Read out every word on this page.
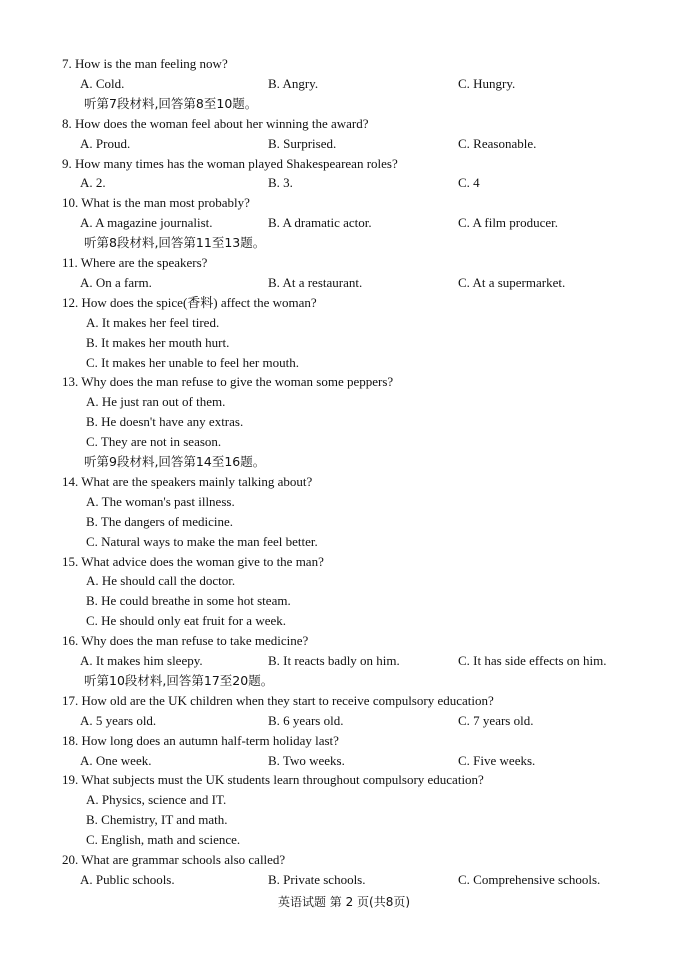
英语试题 第 2 页(共8页)
7. How is the man feeling now?
A. Cold.	B. Angry.	C. Hungry.
听第7段材料,回答第8至10题。
8. How does the woman feel about her winning the award?
A. Proud.	B. Surprised.	C. Reasonable.
9. How many times has the woman played Shakespearean roles?
A. 2.	B. 3.	C. 4
10. What is the man most probably?
A. A magazine journalist.	B. A dramatic actor.	C. A film producer.
听第8段材料,回答第11至13题。
11. Where are the speakers?
A. On a farm.	B. At a restaurant.	C. At a supermarket.
12. How does the spice(香料) affect the woman?
A. It makes her feel tired.
B. It makes her mouth hurt.
C. It makes her unable to feel her mouth.
13. Why does the man refuse to give the woman some peppers?
A. He just ran out of them.
B. He doesn't have any extras.
C. They are not in season.
听第9段材料,回答第14至16题。
14. What are the speakers mainly talking about?
A. The woman's past illness.
B. The dangers of medicine.
C. Natural ways to make the man feel better.
15. What advice does the woman give to the man?
A. He should call the doctor.
B. He could breathe in some hot steam.
C. He should only eat fruit for a week.
16. Why does the man refuse to take medicine?
A. It makes him sleepy.	B. It reacts badly on him.	C. It has side effects on him.
听第10段材料,回答第17至20题。
17. How old are the UK children when they start to receive compulsory education?
A. 5 years old.	B. 6 years old.	C. 7 years old.
18. How long does an autumn half-term holiday last?
A. One week.	B. Two weeks.	C. Five weeks.
19. What subjects must the UK students learn throughout compulsory education?
A. Physics, science and IT.
B. Chemistry, IT and math.
C. English, math and science.
20. What are grammar schools also called?
A. Public schools.	B. Private schools.	C. Comprehensive schools.
